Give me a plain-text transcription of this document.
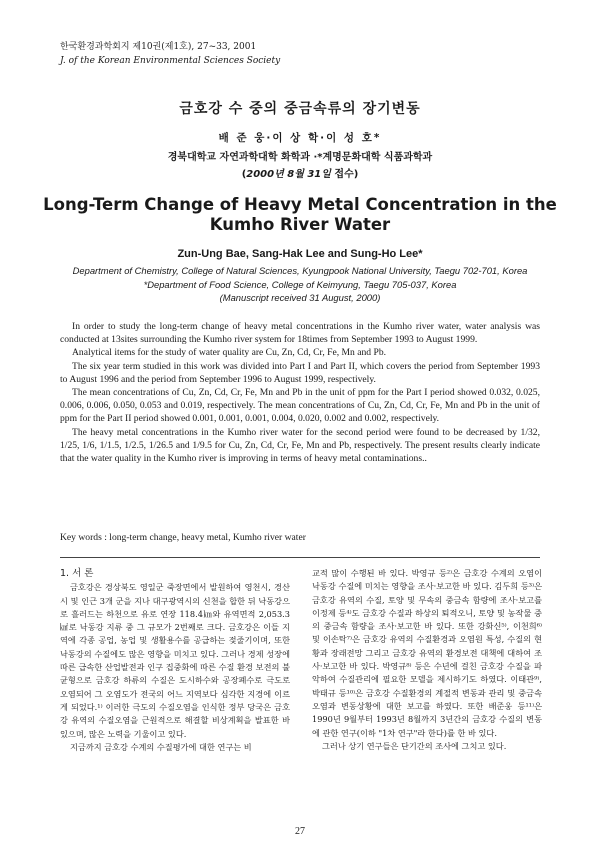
한국환경과학회지 제10권(제1호), 27~33, 2001
J. of the Korean Environmental Sciences Society
금호강 수 중의 중금속류의 장기변동
배 준 웅·이 상 학·이 성 호*
경북대학교 자연과학대학 화학과 ·*계명문화대학 식품과학과
(2000년 8월 31일 접수)
Long-Term Change of Heavy Metal Concentration in the Kumho River Water
Zun-Ung Bae, Sang-Hak Lee and Sung-Ho Lee*
Department of Chemistry, College of Natural Sciences, Kyungpook National University, Taegu 702-701, Korea
*Department of Food Science, College of Keimyung, Taegu 705-037, Korea
(Manuscript received 31 August, 2000)

In order to study the long-term change of heavy metal concentrations in the Kumho river water, water analysis was conducted at 13sites surrounding the Kumho river system for 18times from September 1993 to August 1999.

Analytical items for the study of water quality are Cu, Zn, Cd, Cr, Fe, Mn and Pb.

The six year term studied in this work was divided into Part I and Part II, which covers the period from September 1993 to August 1996 and the period from September 1996 to August 1999, respectively.

The mean concentrations of Cu, Zn, Cd, Cr, Fe, Mn and Pb in the unit of ppm for the Part I period showed 0.032, 0.025, 0.006, 0.006, 0.050, 0.053 and 0.019, respectively. The mean concentrations of Cu, Zn, Cd, Cr, Fe, Mn and Pb in the unit of ppm for the Part II period showed 0.001, 0.001, 0.001, 0.004, 0.020, 0.002 and 0.002, respectively.

The heavy metal concentrations in the Kumho river water for the second period were found to be decreased by 1/32, 1/25, 1/6, 1/1.5, 1/2.5, 1/26.5 and 1/9.5 for Cu, Zn, Cd, Cr, Fe, Mn and Pb, respectively. The present results clearly indicate that the water quality in the Kumho river is improving in terms of heavy metal contaminations..

Key words : long-term change, heavy metal, Kumho river water
1. 서 론

금호강은 경상북도 영일군 죽장면에서 발원하여 영천시, 경산시 및 인근 3개 군을 지나 대구광역시의 신천을 합한 뒤 낙동강으로 흘러드는 하천으로 유로 연장 118.4㎞와 유역면적 2,053.3㎢로 낙동강 지류 중 그 규모가 2번째로 크다. 금호강은 이들 지역에 각종 공업, 농업 및 생활용수를 공급하는 젖줄기이며, 또한 낙동강의 수질에도 많은 영향을 미치고 있다. 그러나 경제 성장에 따른 급속한 산업발전과 인구 집중화에 따른 수질 환경 보전의 불균형으로 금호강 하류의 수질은 도시하수와 공장폐수로 극도로 오염되어 그 오염도가 전국의 어느 지역보다 심각한 지경에 이르게 되었다.¹⁾ 이러한 극도의 수질오염을 인식한 정부 당국은 금호강 유역의 수질오염을 근원적으로 해결할 비상계획을 발표한 바 있으며, 많은 노력을 기울이고 있다.

지금까지 금호강 수계의 수질평가에 대한 연구는 비

교적 많이 수행된 바 있다. 박영규 등²⁾은 금호강 수계의 오염이 낙동강 수질에 미치는 영향을 조사·보고한 바 있다. 김두희 등³⁾은 금호강 유역의 수질, 토양 및 무속의 중금속 함량에 조사·보고를 이정제 등⁴⁾도 금호강 수질과 하상의 퇴적오니, 토양 및 농작물 중의 중금속 함량을 조사·보고한 바 있다. 또한 강화신⁵⁾, 이천희⁶⁾ 및 이손탁⁷⁾은 금호강 유역의 수질환경과 오염원 특성, 수질의 현황과 장래전망 그리고 금호강 유역의 환경보전 대책에 대하여 조사·보고한 바 있다. 박영규⁸⁾ 등은 수년에 걸친 금호강 수질을 파악하여 수질관리에 필요한 모델을 제시하기도 하였다. 이태관⁹⁾, 박태규 등¹⁰⁾은 금호강 수질환경의 계절적 변동과 관리 및 중금속 오염과 변동상황에 대한 보고를 하였다. 또한 배준웅 등¹¹⁾은 1990년 9월부터 1993년 8월까지 3년간의 금호강 수질의 변동에 관한 연구(이하 "1차 연구"라 한다)를 한 바 있다.

그러나 상기 연구들은 단기간의 조사에 그치고 있다.

27
